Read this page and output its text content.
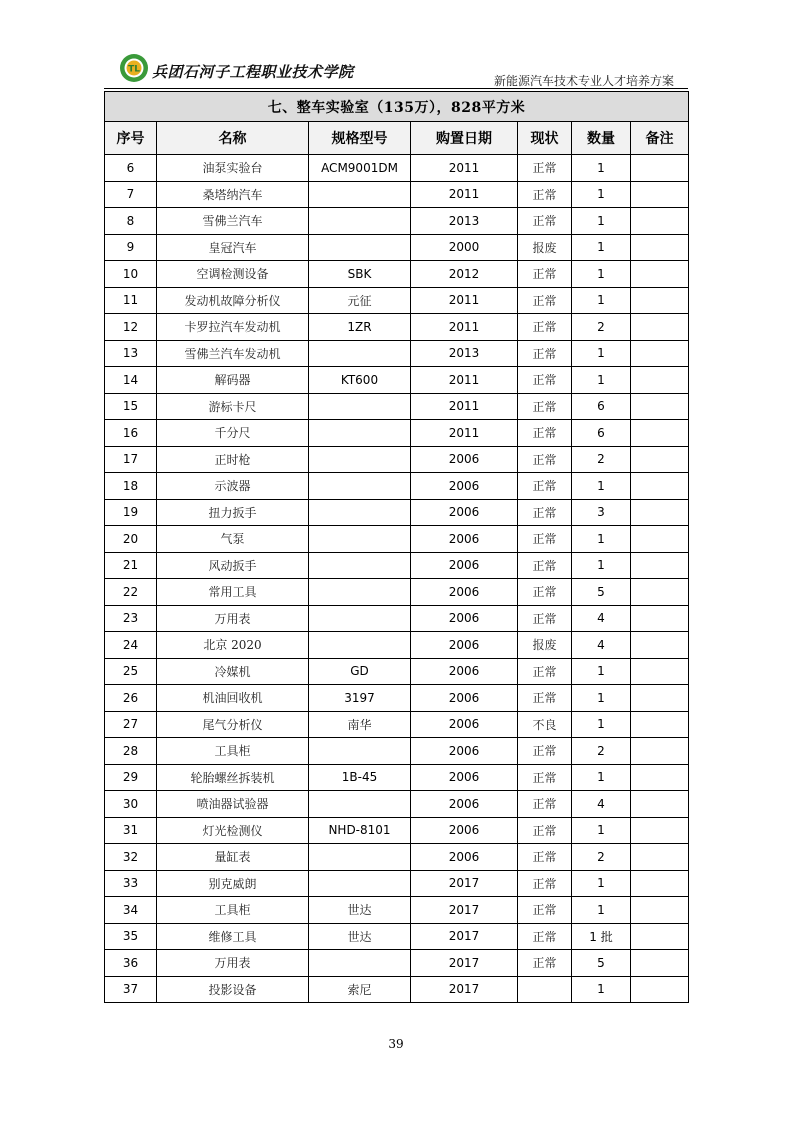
TL 兵团石河子工程职业技术学院	新能源汽车技术专业人才培养方案
七、整车实验室（135万），828平方米						
序号	名称	规格型号	购置日期	现状	数量	备注
6	油泵实验台	ACM9001DM	2011	正常	1	
7	桑塔纳汽车		2011	正常	1	
8	雪佛兰汽车		2013	正常	1	
9	皇冠汽车		2000	报废	1	
10	空调检测设备	SBK	2012	正常	1	
11	发动机故障分析仪	元征	2011	正常	1	
12	卡罗拉汽车发动机	1ZR	2011	正常	2	
13	雪佛兰汽车发动机		2013	正常	1	
14	解码器	KT600	2011	正常	1	
15	游标卡尺		2011	正常	6	
16	千分尺		2011	正常	6	
17	正时枪		2006	正常	2	
18	示波器		2006	正常	1	
19	扭力扳手		2006	正常	3	
20	气泵		2006	正常	1	
21	风动扳手		2006	正常	1	
22	常用工具		2006	正常	5	
23	万用表		2006	正常	4	
24	北京 2020		2006	报废	4	
25	冷媒机	GD	2006	正常	1	
26	机油回收机	3197	2006	正常	1	
27	尾气分析仪	南华	2006	不良	1	
28	工具柜		2006	正常	2	
29	轮胎螺丝拆装机	1B-45	2006	正常	1	
30	喷油器试验器		2006	正常	4	
31	灯光检测仪	NHD-8101	2006	正常	1	
32	量缸表		2006	正常	2	
33	别克威朗		2017	正常	1	
34	工具柜	世达	2017	正常	1	
35	维修工具	世达	2017	正常	1 批	
36	万用表		2017	正常	5	
37	投影设备	索尼	2017		1	
39
